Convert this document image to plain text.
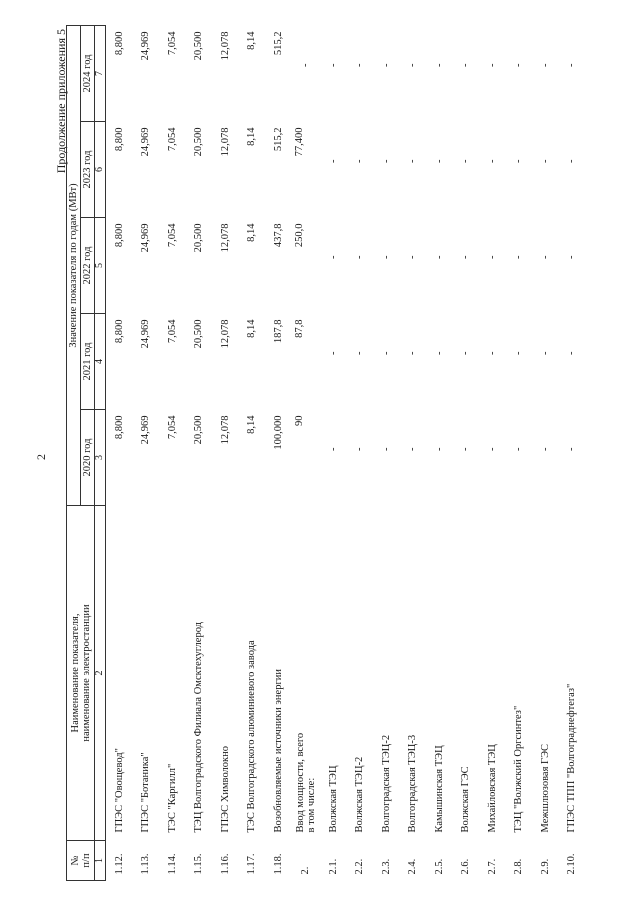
2
Продолжение приложения 5
№
п/п	Наименование показателя,
наименование электростанции	Значение показателя по годам (МВт)				
		2020 год	2021 год	2022 год	2023 год	2024 год
1	2	3	4	5	6	7
1.12.	ГПЭС "Овощевод"	8,800	8,800	8,800	8,800	8,800
1.13.	ГПЭС "Ботаника"	24,969	24,969	24,969	24,969	24,969
1.14.	ТЭС "Каргилл"	7,054	7,054	7,054	7,054	7,054
1.15.	ТЭЦ Волгоградского Филиала Омсктехуглерод	20,500	20,500	20,500	20,500	20,500
1.16.	ГПЭС Химволокно	12,078	12,078	12,078	12,078	12,078
1.17.	ТЭС Волгоградского алюминиевого завода	8,14	8,14	8,14	8,14	8,14
1.18.	Возобновляемые источники энергии	100,000	187,8	437,8	515,2	515,2
2.	Ввод мощности, всего
в том числе:	90	87,8	250,0	77,400	-
2.1.	Волжская ТЭЦ	-	-	-	-	-
2.2.	Волжская ТЭЦ-2	-	-	-	-	-
2.3.	Волгоградская ТЭЦ-2	-	-	-	-	-
2.4.	Волгоградская ТЭЦ-3	-	-	-	-	-
2.5.	Камышинская ТЭЦ	-	-	-	-	-
2.6.	Волжская ГЭС	-	-	-	-	-
2.7.	Михайловская ТЭЦ	-	-	-	-	-
2.8.	ТЭЦ "Волжский Оргсинтез"	-	-	-	-	-
2.9.	Межшлюзовая ГЭС	-	-	-	-	-
2.10.	ГПЭС ТПП "Волгограднефтегаз"	-	-	-	-	-
